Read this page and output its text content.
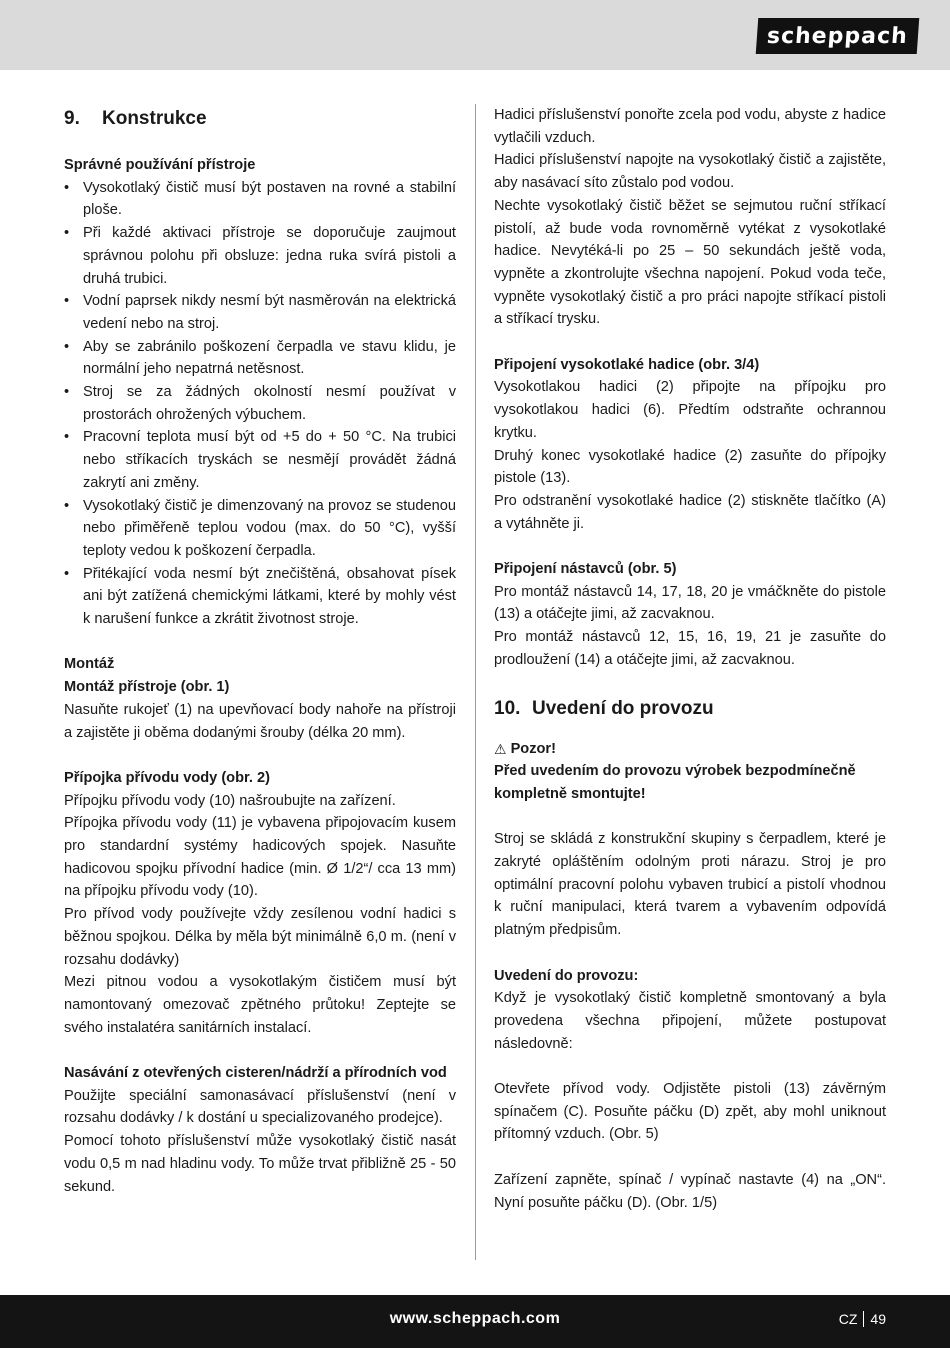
scheppach
9.	Konstrukce

Správné používání přístroje

• Vysokotlaký čistič musí být postaven na rovné a stabilní ploše.
• Při každé aktivaci přístroje se doporučuje zaujmout správnou polohu při obsluze: jedna ruka svírá pistoli a druhá trubici.
• Vodní paprsek nikdy nesmí být nasměrován na elektrická vedení nebo na stroj.
• Aby se zabránilo poškození čerpadla ve stavu klidu, je normální jeho nepatrná netěsnost.
• Stroj se za žádných okolností nesmí používat v prostorách ohrožených výbuchem.
• Pracovní teplota musí být od +5 do + 50 °C. Na trubici nebo stříkacích tryskách se nesmějí provádět žádná zakrytí ani změny.
• Vysokotlaký čistič je dimenzovaný na provoz se studenou nebo přiměřeně teplou vodou (max. do 50 °C), vyšší teploty vedou k poškození čerpadla.
• Přitékající voda nesmí být znečištěná, obsahovat písek ani být zatížená chemickými látkami, které by mohly vést k narušení funkce a zkrátit životnost stroje.

Montáž

Montáž přístroje (obr. 1)

Nasuňte rukojeť (1) na upevňovací body nahoře na přístroji a zajistěte ji oběma dodanými šrouby (délka 20 mm).

Přípojka přívodu vody (obr. 2)

Přípojku přívodu vody (10) našroubujte na zařízení.

Přípojka přívodu vody (11) je vybavena připojovacím kusem pro standardní systémy hadicových spojek. Nasuňte hadicovou spojku přívodní hadice (min. Ø 1/2“/ cca 13 mm) na přípojku přívodu vody (10).

Pro přívod vody používejte vždy zesílenou vodní hadici s běžnou spojkou. Délka by měla být minimálně 6,0 m. (není v rozsahu dodávky)

Mezi pitnou vodou a vysokotlakým čističem musí být namontovaný omezovač zpětného průtoku! Zeptejte se svého instalatéra sanitárních instalací.

Nasávání z otevřených cisteren/nádrží a přírodních vod

Použijte speciální samonasávací příslušenství (není v rozsahu dodávky / k dostání u specializovaného prodejce).

Pomocí tohoto příslušenství může vysokotlaký čistič nasát vodu 0,5 m nad hladinu vody. To může trvat přibližně 25 - 50 sekund.

Hadici příslušenství ponořte zcela pod vodu, abyste z hadice vytlačili vzduch.

Hadici příslušenství napojte na vysokotlaký čistič a zajistěte, aby nasávací síto zůstalo pod vodou.

Nechte vysokotlaký čistič běžet se sejmutou ruční stříkací pistolí, až bude voda rovnoměrně vytékat z vysokotlaké hadice. Nevytéká-li po 25 – 50 sekundách ještě voda, vypněte a zkontrolujte všechna napojení. Pokud voda teče, vypněte vysokotlaký čistič a pro práci napojte stříkací pistoli a stříkací trysku.

Připojení vysokotlaké hadice (obr. 3/4)

Vysokotlakou hadici (2) připojte na přípojku pro vysokotlakou hadici (6). Předtím odstraňte ochrannou krytku.

Druhý konec vysokotlaké hadice (2) zasuňte do přípojky pistole (13).

Pro odstranění vysokotlaké hadice (2) stiskněte tlačítko (A) a vytáhněte ji.

Připojení nástavců (obr. 5)

Pro montáž nástavců 14, 17, 18, 20 je vmáčkněte do pistole (13) a otáčejte jimi, až zacvaknou.

Pro montáž nástavců 12, 15, 16, 19, 21 je zasuňte do prodloužení (14) a otáčejte jimi, až zacvaknou.

10. Uvedení do provozu
⚠ Pozor!

Před uvedením do provozu výrobek bezpodmínečně kompletně smontujte!

Stroj se skládá z konstrukční skupiny s čerpadlem, které je zakryté opláštěním odolným proti nárazu. Stroj je pro optimální pracovní polohu vybaven trubicí a pistolí vhodnou k ruční manipulaci, která tvarem a vybavením odpovídá platným předpisům.

Uvedení do provozu:

Když je vysokotlaký čistič kompletně smontovaný a byla provedena všechna připojení, můžete postupovat následovně:

Otevřete přívod vody. Odjistěte pistoli (13) závěrným spínačem (C). Posuňte páčku (D) zpět, aby mohl uniknout přítomný vzduch. (Obr. 5)

Zařízení zapněte, spínač / vypínač nastavte (4) na „ON“. Nyní posuňte páčku (D). (Obr. 1/5)

www.scheppach.com	CZ 49
